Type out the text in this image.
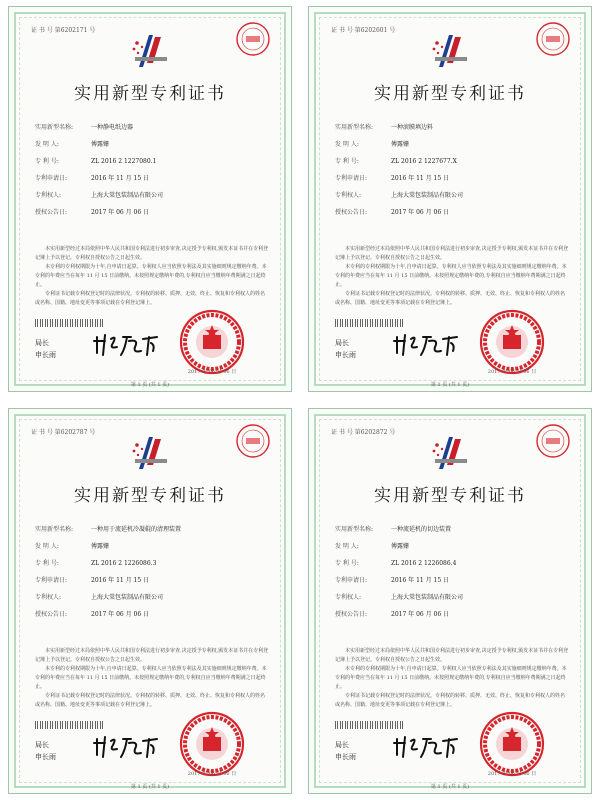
证 书 号 第6202171 号
实用新型专利证书
实用新型名称:	一种静电纸边器
发 明 人:	傅露姗
专 利 号:	ZL 2016 2 1227080.1
专利申请日:	2016 年 11 月 15 日
专利权人:	上海大棠包装制品有限公司
授权公告日:	2017 年 06 月 06 日

本实用新型经过本局依照中华人民共和国专利法进行初步审查,决定授予专利权,颁发本证书并在专利登记簿上予以登记。专利权自授权公告之日起生效。

本专利的专利权期限为十年,自申请日起算。专利权人应当依照专利法及其实施细则规定缴纳年费。本专利的年费应当在每年 11 月 15 日前缴纳。未按照规定缴纳年费的,专利权自应当缴纳年费期满之日起终止。

专利证书记载专利权登记时的法律状况。专利权的转移、质押、无效、终止、恢复和专利权人的姓名或名称、国籍、地址变更等事项记载在专利登记簿上。

局长
申长雨
2017 年 06 月 06 日
第 1 页 (共 1 页)
证 书 号 第6202601 号
实用新型专利证书
实用新型名称:	一种滚膜填边料
发 明 人:	傅露姗
专 利 号:	ZL 2016 2 1227677.X
专利申请日:	2016 年 11 月 15 日
专利权人:	上海大棠包装制品有限公司
授权公告日:	2017 年 06 月 06 日

本实用新型经过本局依照中华人民共和国专利法进行初步审查,决定授予专利权,颁发本证书并在专利登记簿上予以登记。专利权自授权公告之日起生效。

本专利的专利权期限为十年,自申请日起算。专利权人应当依照专利法及其实施细则规定缴纳年费。本专利的年费应当在每年 11 月 15 日前缴纳。未按照规定缴纳年费的,专利权自应当缴纳年费期满之日起终止。

专利证书记载专利权登记时的法律状况。专利权的转移、质押、无效、终止、恢复和专利权人的姓名或名称、国籍、地址变更等事项记载在专利登记簿上。

局长
申长雨
2017 年 06 月 06 日
第 1 页 (共 1 页)
证 书 号 第6202787 号
实用新型专利证书
实用新型名称:	一种用于流延机冷凝辊的清理装置
发 明 人:	傅露姗
专 利 号:	ZL 2016 2 1226086.3
专利申请日:	2016 年 11 月 15 日
专利权人:	上海大棠包装制品有限公司
授权公告日:	2017 年 06 月 06 日

本实用新型经过本局依照中华人民共和国专利法进行初步审查,决定授予专利权,颁发本证书并在专利登记簿上予以登记。专利权自授权公告之日起生效。

本专利的专利权期限为十年,自申请日起算。专利权人应当依照专利法及其实施细则规定缴纳年费。本专利的年费应当在每年 11 月 15 日前缴纳。未按照规定缴纳年费的,专利权自应当缴纳年费期满之日起终止。

专利证书记载专利权登记时的法律状况。专利权的转移、质押、无效、终止、恢复和专利权人的姓名或名称、国籍、地址变更等事项记载在专利登记簿上。

局长
申长雨
2017 年 06 月 06 日
第 1 页 (共 1 页)
证 书 号 第6202872 号
实用新型专利证书
实用新型名称:	一种流延机的切边装置
发 明 人:	傅露姗
专 利 号:	ZL 2016 2 1226086.4
专利申请日:	2016 年 11 月 15 日
专利权人:	上海大棠包装制品有限公司
授权公告日:	2017 年 06 月 06 日

本实用新型经过本局依照中华人民共和国专利法进行初步审查,决定授予专利权,颁发本证书并在专利登记簿上予以登记。专利权自授权公告之日起生效。

本专利的专利权期限为十年,自申请日起算。专利权人应当依照专利法及其实施细则规定缴纳年费。本专利的年费应当在每年 11 月 15 日前缴纳。未按照规定缴纳年费的,专利权自应当缴纳年费期满之日起终止。

专利证书记载专利权登记时的法律状况。专利权的转移、质押、无效、终止、恢复和专利权人的姓名或名称、国籍、地址变更等事项记载在专利登记簿上。

局长
申长雨
2017 年 06 月 06 日
第 1 页 (共 1 页)
